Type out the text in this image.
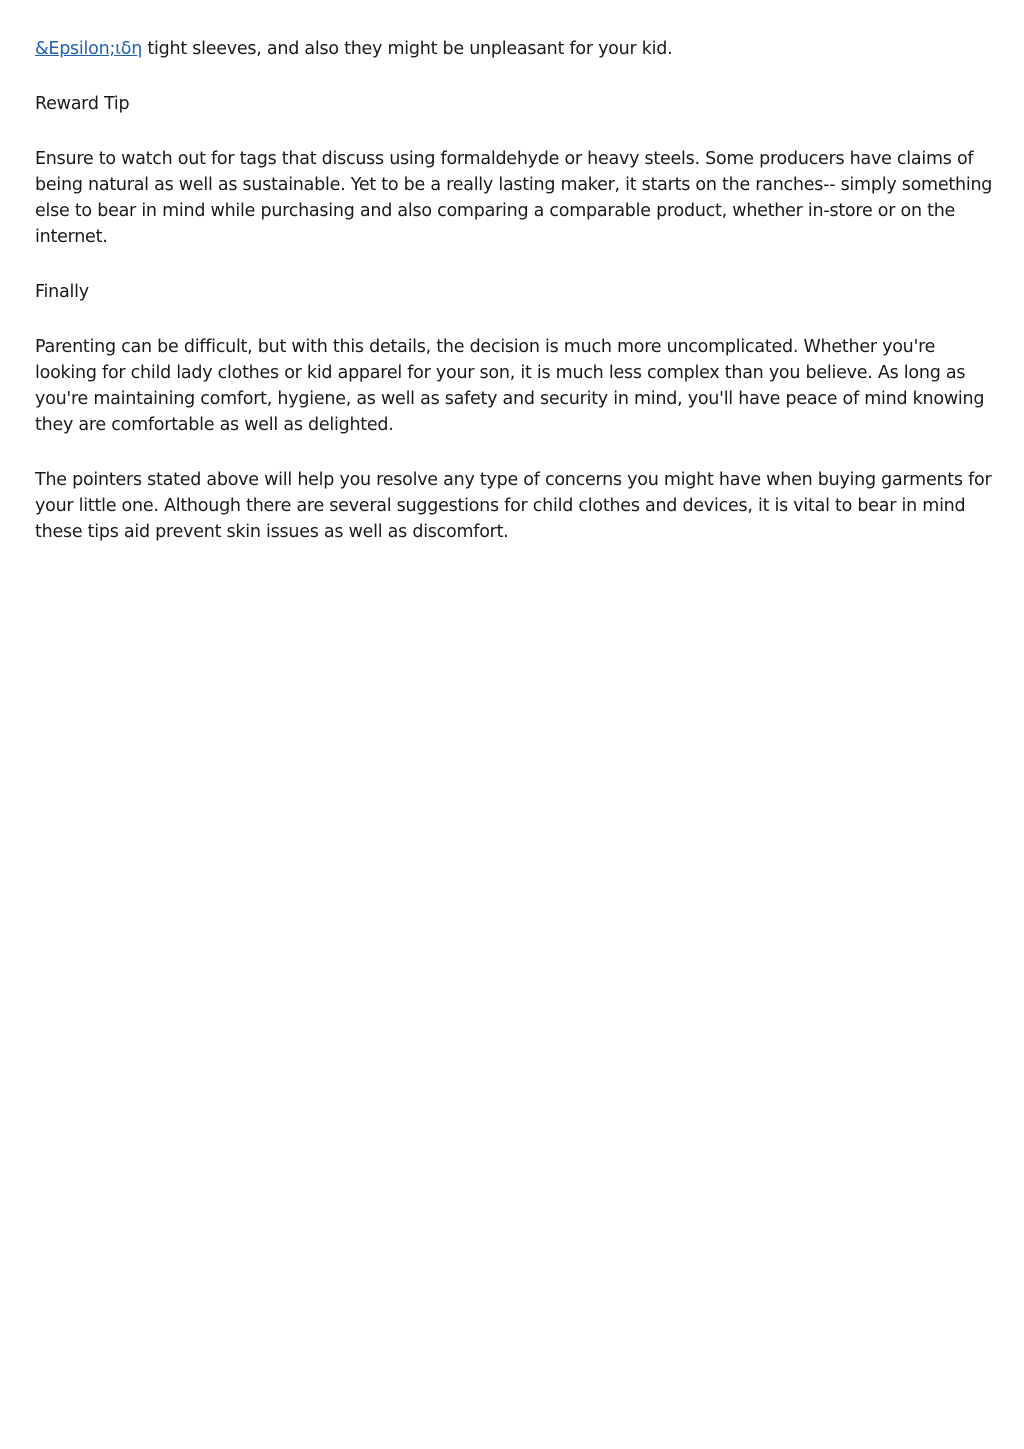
&Epsilon;ιδη tight sleeves, and also they might be unpleasant for your kid.

Reward Tip

Ensure to watch out for tags that discuss using formaldehyde or heavy steels. Some producers have claims of being natural as well as sustainable. Yet to be a really lasting maker, it starts on the ranches-- simply something else to bear in mind while purchasing and also comparing a comparable product, whether in-store or on the internet.

Finally

Parenting can be difficult, but with this details, the decision is much more uncomplicated. Whether you're looking for child lady clothes or kid apparel for your son, it is much less complex than you believe. As long as you're maintaining comfort, hygiene, as well as safety and security in mind, you'll have peace of mind knowing they are comfortable as well as delighted.

The pointers stated above will help you resolve any type of concerns you might have when buying garments for your little one. Although there are several suggestions for child clothes and devices, it is vital to bear in mind these tips aid prevent skin issues as well as discomfort.
